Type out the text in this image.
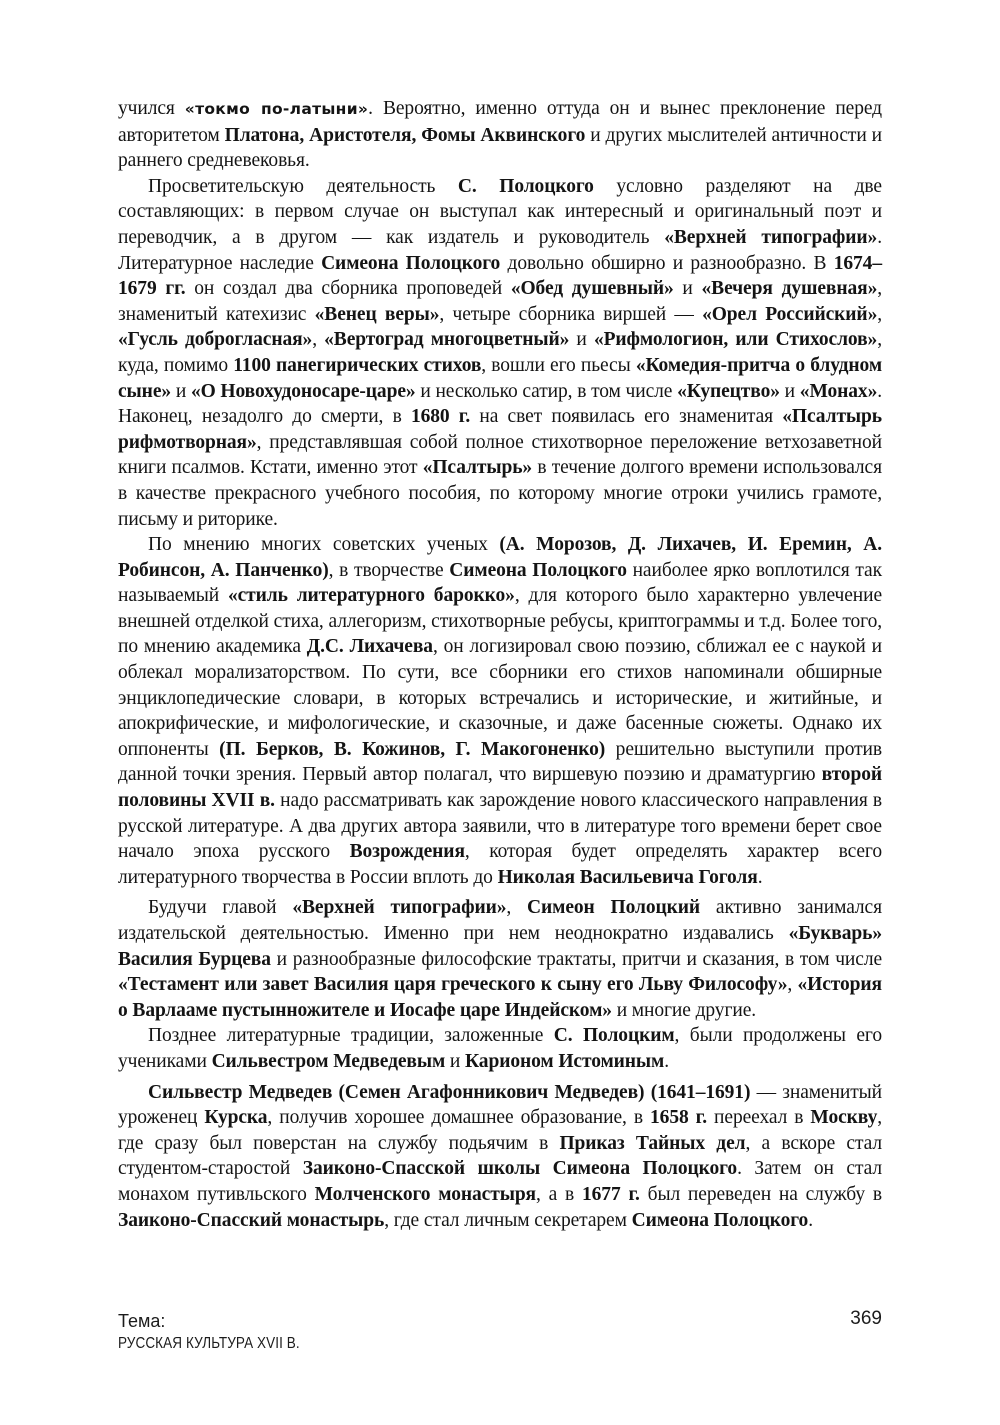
учился «токмо по-латыни». Вероятно, именно оттуда он и вынес преклонение перед авторитетом Платона, Аристотеля, Фомы Аквинского и других мыслителей античности и раннего средневековья.

Просветительскую деятельность С. Полоцкого условно разделяют на две составляющих: в первом случае он выступал как интересный и оригинальный поэт и переводчик, а в другом — как издатель и руководитель «Верхней типографии». Литературное наследие Симеона Полоцкого довольно обширно и разнообразно. В 1674–1679 гг. он создал два сборника проповедей «Обед душевный» и «Вечеря душевная», знаменитый катехизис «Венец веры», четыре сборника виршей — «Орел Российский», «Гусль доброгласная», «Вертоград многоцветный» и «Рифмологион, или Стихослов», куда, помимо 1100 панегирических стихов, вошли его пьесы «Комедия-притча о блудном сыне» и «О Новохудоносаре-царе» и несколько сатир, в том числе «Купецтво» и «Монах». Наконец, незадолго до смерти, в 1680 г. на свет появилась его знаменитая «Псалтырь рифмотворная», представлявшая собой полное стихотворное переложение ветхозаветной книги псалмов. Кстати, именно этот «Псалтырь» в течение долгого времени использовался в качестве прекрасного учебного пособия, по которому многие отроки учились грамоте, письму и риторике.

По мнению многих советских ученых (А. Морозов, Д. Лихачев, И. Еремин, А. Робинсон, А. Панченко), в творчестве Симеона Полоцкого наиболее ярко воплотился так называемый «стиль литературного барокко», для которого было характерно увлечение внешней отделкой стиха, аллегоризм, стихотворные ребусы, криптограммы и т.д. Более того, по мнению академика Д.С. Лихачева, он логизировал свою поэзию, сближал ее с наукой и облекал морализаторством. По сути, все сборники его стихов напоминали обширные энциклопедические словари, в которых встречались и исторические, и житийные, и апокрифические, и мифологические, и сказочные, и даже басенные сюжеты. Однако их оппоненты (П. Берков, В. Кожинов, Г. Макогоненко) решительно выступили против данной точки зрения. Первый автор полагал, что виршевую поэзию и драматургию второй половины XVII в. надо рассматривать как зарождение нового классического направления в русской литературе. А два других автора заявили, что в литературе того времени берет свое начало эпоха русского Возрождения, которая будет определять характер всего литературного творчества в России вплоть до Николая Васильевича Гоголя.

Будучи главой «Верхней типографии», Симеон Полоцкий активно занимался издательской деятельностью. Именно при нем неоднократно издавались «Букварь» Василия Бурцева и разнообразные философские трактаты, притчи и сказания, в том числе «Тестамент или завет Василия царя греческого к сыну его Льву Философу», «История о Варлааме пустынножителе и Иосафе царе Индейском» и многие другие.

Позднее литературные традиции, заложенные С. Полоцким, были продолжены его учениками Сильвестром Медведевым и Карионом Истоминым.

Сильвестр Медведев (Семен Агафонникович Медведев) (1641–1691) — знаменитый уроженец Курска, получив хорошее домашнее образование, в 1658 г. переехал в Москву, где сразу был поверстан на службу подьячим в Приказ Тайных дел, а вскоре стал студентом-старостой Заиконо-Спасской школы Симеона Полоцкого. Затем он стал монахом путивльского Молченского монастыря, а в 1677 г. был переведен на службу в Заиконо-Спасский монастырь, где стал личным секретарем Симеона Полоцкого.

Тема:
РУССКАЯ КУЛЬТУРА XVII В.
369
